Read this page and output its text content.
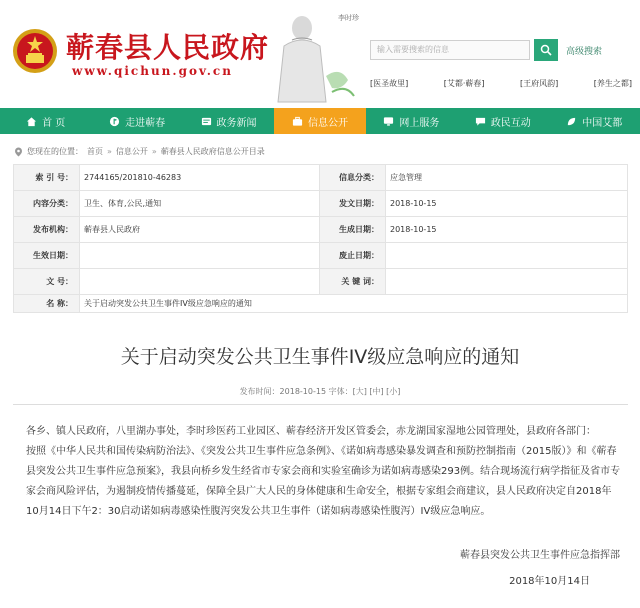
蕲春县人民政府
www.qichun.gov.cn
李时珍
输入需要搜索的信息	高级搜索
[医圣故里]	[艾都·蕲春]	[王府风韵]	[养生之都]
首 页	走进蕲春	政务新闻	信息公开	网上服务	政民互动	中国艾都
您现在的位置： 首页 » 信息公开 » 蕲春县人民政府信息公开目录
索 引 号：	2744165/201810-46283	信息分类：	应急管理
内容分类：	卫生、体育,公民,通知	发文日期：	2018-10-15
发布机构：	蕲春县人民政府	生成日期：	2018-10-15
生效日期：		废止日期：	
文 号：		关 键 词：	
名 称：	关于启动突发公共卫生事件IV级应急响应的通知		
关于启动突发公共卫生事件IV级应急响应的通知
发布时间：2018-10-15 字体：[大] [中] [小]

各乡、镇人民政府，八里湖办事处，李时珍医药工业园区、蕲春经济开发区管委会，赤龙湖国家湿地公园管理处，县政府各部门：

按照《中华人民共和国传染病防治法》、《突发公共卫生事件应急条例》、《诺如病毒感染暴发调查和预防控制指南（2015版）》和《蕲春县突发公共卫生事件应急预案》，我县向桥乡发生经省市专家会商和实验室确诊为诺如病毒感染293例。结合现场流行病学指征及省市专家会商风险评估，为遏制疫情传播蔓延，保障全县广大人民的身体健康和生命安全，根据专家组会商建议，县人民政府决定自2018年10月14日下午2：30启动诺如病毒感染性腹泻突发公共卫生事件（诺如病毒感染性腹泻）IV级应急响应。

蕲春县突发公共卫生事件应急指挥部
2018年10月14日
